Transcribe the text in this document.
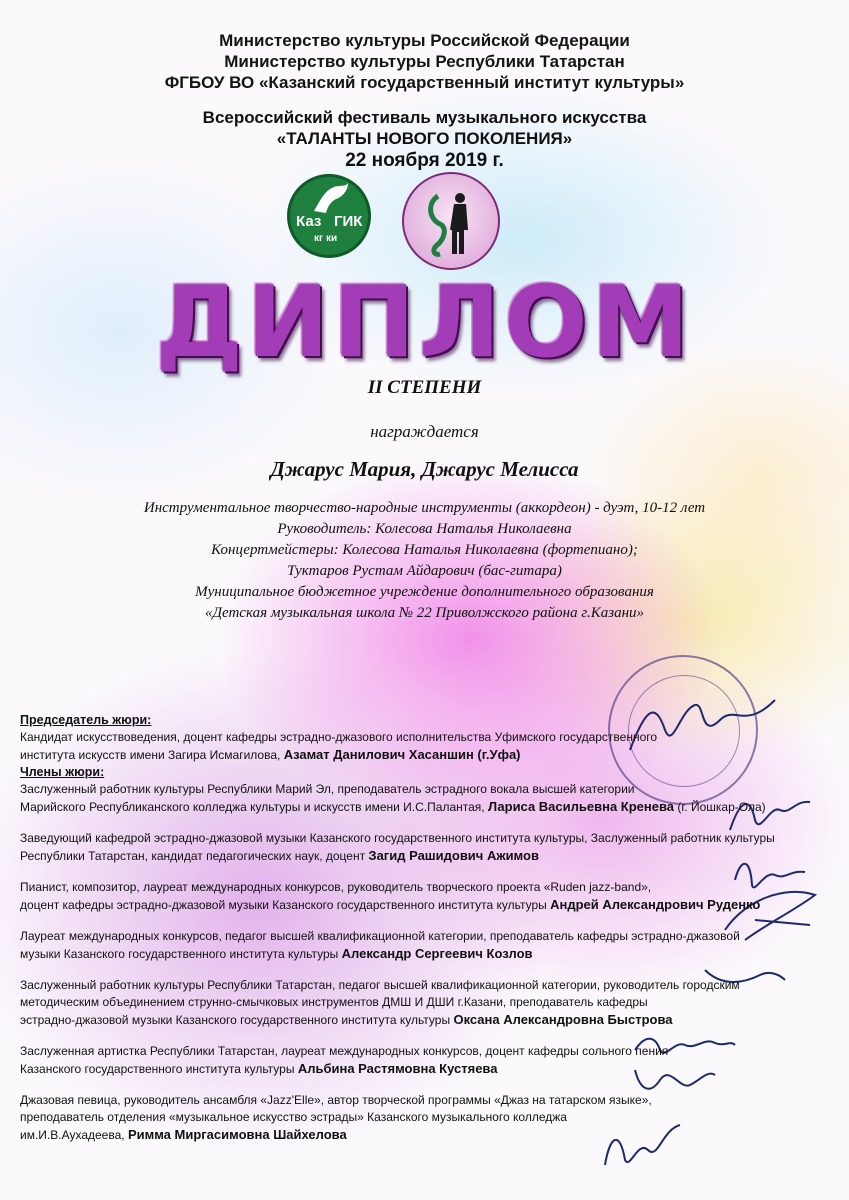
Министерство культуры Российской Федерации
Министерство культуры Республики Татарстан
ФГБОУ ВО «Казанский государственный институт культуры»
Всероссийский фестиваль музыкального искусства
«ТАЛАНТЫ НОВОГО ПОКОЛЕНИЯ»
22 ноября 2019 г.
Каз ГИК
кг ки
ДИПЛОМ
II СТЕПЕНИ
награждается
Джарус Мария, Джарус Мелисса
Инструментальное творчество-народные инструменты (аккордеон) - дуэт, 10-12 лет
Руководитель: Колесова Наталья Николаевна
Концертмейстеры: Колесова Наталья Николаевна (фортепиано);
Туктаров Рустам Айдарович (бас-гитара)
Муниципальное бюджетное учреждение дополнительного образования
«Детская музыкальная школа № 22 Приволжского района г.Казани»
Председатель жюри:
Кандидат искусствоведения, доцент кафедры эстрадно-джазового исполнительства Уфимского государственного
института искусств имени Загира Исмагилова, Азамат Данилович Хасаншин (г.Уфа)
Члены жюри:
Заслуженный работник культуры Республики Марий Эл, преподаватель эстрадного вокала высшей категории
Марийского Республиканского колледжа культуры и искусств имени И.С.Палантая, Лариса Васильевна Кренева (г. Йошкар-Ола)
Заведующий кафедрой эстрадно-джазовой музыки Казанского государственного института культуры, Заслуженный работник культуры
Республики Татарстан, кандидат педагогических наук, доцент Загид Рашидович Ажимов
Пианист, композитор, лауреат международных конкурсов, руководитель творческого проекта «Ruden jazz-band»,
доцент кафедры эстрадно-джазовой музыки Казанского государственного института культуры Андрей Александрович Руденко
Лауреат международных конкурсов, педагог высшей квалификационной категории, преподаватель кафедры эстрадно-джазовой
музыки Казанского государственного института культуры Александр Сергеевич Козлов
Заслуженный работник культуры Республики Татарстан, педагог высшей квалификационной категории, руководитель городским
методическим объединением струнно-смычковых инструментов ДМШ И ДШИ г.Казани, преподаватель кафедры
эстрадно-джазовой музыки Казанского государственного института культуры Оксана Александровна Быстрова
Заслуженная артистка Республики Татарстан, лауреат международных конкурсов, доцент кафедры сольного пения
Казанского государственного института культуры Альбина Растямовна Кустяева
Джазовая певица, руководитель ансамбля «Jazz'Elle», автор творческой программы «Джаз на татарском языке»,
преподаватель отделения «музыкальное искусство эстрады» Казанского музыкального колледжа
им.И.В.Аухадеева, Римма Миргасимовна Шайхелова
